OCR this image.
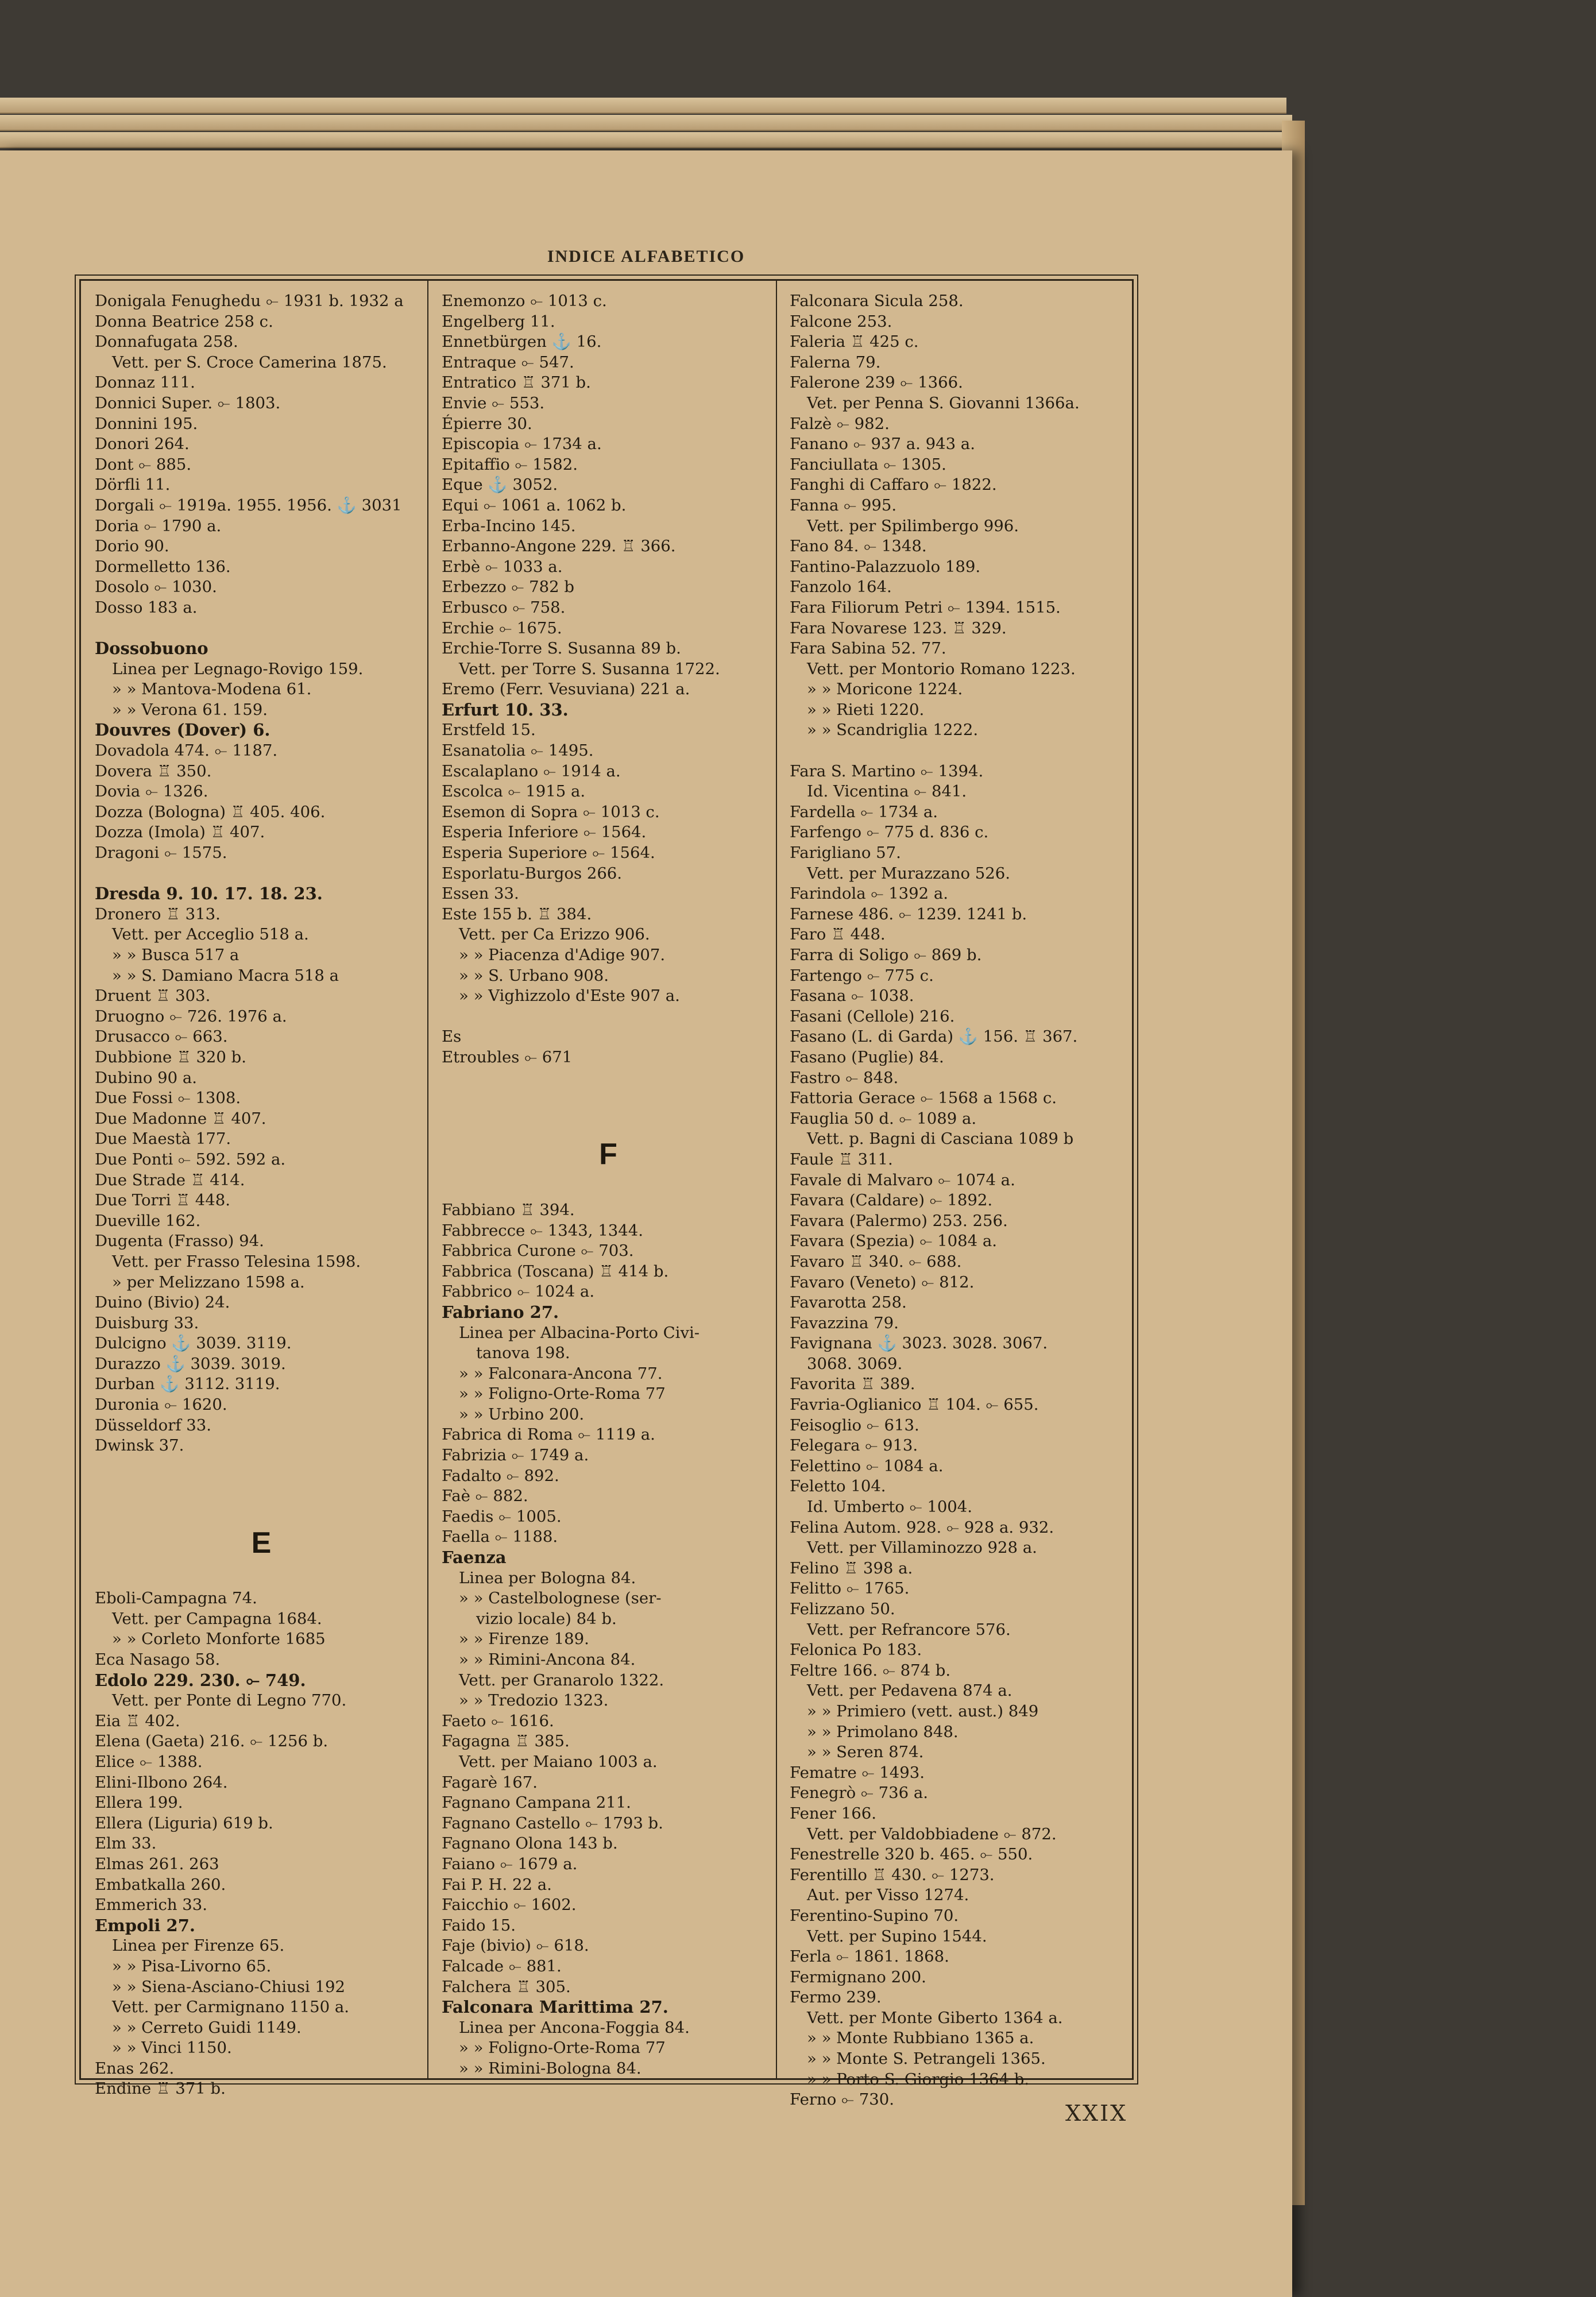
INDICE ALFABETICO
Donigala Fenughedu ⟜ 1931 b. 1932 a
Donna Beatrice 258 c.
Donnafugata 258.
Vett. per S. Croce Camerina 1875.
Donnaz 111.
Donnici Super. ⟜ 1803.
Donnini 195.
Donori 264.
Dont ⟜ 885.
Dörfli 11.
Dorgali ⟜ 1919a. 1955. 1956. ⚓ 3031
Doria ⟜ 1790 a.
Dorio 90.
Dormelletto 136.
Dosolo ⟜ 1030.
Dosso 183 a.
Dossobuono
Linea per Legnago-Rovigo 159.
» » Mantova-Modena 61.
» » Verona 61. 159.
Douvres (Dover) 6.
Dovadola 474. ⟜ 1187.
Dovera ♖ 350.
Dovia ⟜ 1326.
Dozza (Bologna) ♖ 405. 406.
Dozza (Imola) ♖ 407.
Dragoni ⟜ 1575.
Dresda 9. 10. 17. 18. 23.
Dronero ♖ 313.
Vett. per Acceglio 518 a.
» » Busca 517 a
» » S. Damiano Macra 518 a
Druent ♖ 303.
Druogno ⟜ 726. 1976 a.
Drusacco ⟜ 663.
Dubbione ♖ 320 b.
Dubino 90 a.
Due Fossi ⟜ 1308.
Due Madonne ♖ 407.
Due Maestà 177.
Due Ponti ⟜ 592. 592 a.
Due Strade ♖ 414.
Due Torri ♖ 448.
Dueville 162.
Dugenta (Frasso) 94.
Vett. per Frasso Telesina 1598.
» per Melizzano 1598 a.
Duino (Bivio) 24.
Duisburg 33.
Dulcigno ⚓ 3039. 3119.
Durazzo ⚓ 3039. 3019.
Durban ⚓ 3112. 3119.
Duronia ⟜ 1620.
Düsseldorf 33.
Dwinsk 37.
E
Eboli-Campagna 74.
Vett. per Campagna 1684.
» » Corleto Monforte 1685
Eca Nasago 58.
Edolo 229. 230. ⟜ 749.
Vett. per Ponte di Legno 770.
Eia ♖ 402.
Elena (Gaeta) 216. ⟜ 1256 b.
Elice ⟜ 1388.
Elini-Ilbono 264.
Ellera 199.
Ellera (Liguria) 619 b.
Elm 33.
Elmas 261. 263
Embatkalla 260.
Emmerich 33.
Empoli 27.
Linea per Firenze 65.
» » Pisa-Livorno 65.
» » Siena-Asciano-Chiusi 192
Vett. per Carmignano 1150 a.
» » Cerreto Guidi 1149.
» » Vinci 1150.
Enas 262.
Endine ♖ 371 b.
Enemonzo ⟜ 1013 c.
Engelberg 11.
Ennetbürgen ⚓ 16.
Entraque ⟜ 547.
Entratico ♖ 371 b.
Envie ⟜ 553.
Épierre 30.
Episcopia ⟜ 1734 a.
Epitaffio ⟜ 1582.
Eque ⚓ 3052.
Equi ⟜ 1061 a. 1062 b.
Erba-Incino 145.
Erbanno-Angone 229. ♖ 366.
Erbè ⟜ 1033 a.
Erbezzo ⟜ 782 b
Erbusco ⟜ 758.
Erchie ⟜ 1675.
Erchie-Torre S. Susanna 89 b.
Vett. per Torre S. Susanna 1722.
Eremo (Ferr. Vesuviana) 221 a.
Erfurt 10. 33.
Erstfeld 15.
Esanatolia ⟜ 1495.
Escalaplano ⟜ 1914 a.
Escolca ⟜ 1915 a.
Esemon di Sopra ⟜ 1013 c.
Esperia Inferiore ⟜ 1564.
Esperia Superiore ⟜ 1564.
Esporlatu-Burgos 266.
Essen 33.
Este 155 b. ♖ 384.
Vett. per Ca Erizzo 906.
» » Piacenza d'Adige 907.
» » S. Urbano 908.
» » Vighizzolo d'Este 907 a.
Es
Etroubles ⟜ 671
F
Fabbiano ♖ 394.
Fabbrecce ⟜ 1343, 1344.
Fabbrica Curone ⟜ 703.
Fabbrica (Toscana) ♖ 414 b.
Fabbrico ⟜ 1024 a.
Fabriano 27.
Linea per Albacina-Porto Civi-
tanova 198.
» » Falconara-Ancona 77.
» » Foligno-Orte-Roma 77
» » Urbino 200.
Fabrica di Roma ⟜ 1119 a.
Fabrizia ⟜ 1749 a.
Fadalto ⟜ 892.
Faè ⟜ 882.
Faedis ⟜ 1005.
Faella ⟜ 1188.
Faenza
Linea per Bologna 84.
» » Castelbolognese (ser-
vizio locale) 84 b.
» » Firenze 189.
» » Rimini-Ancona 84.
Vett. per Granarolo 1322.
» » Tredozio 1323.
Faeto ⟜ 1616.
Fagagna ♖ 385.
Vett. per Maiano 1003 a.
Fagarè 167.
Fagnano Campana 211.
Fagnano Castello ⟜ 1793 b.
Fagnano Olona 143 b.
Faiano ⟜ 1679 a.
Fai P. H. 22 a.
Faicchio ⟜ 1602.
Faido 15.
Faje (bivio) ⟜ 618.
Falcade ⟜ 881.
Falchera ♖ 305.
Falconara Marittima 27.
Linea per Ancona-Foggia 84.
» » Foligno-Orte-Roma 77
» » Rimini-Bologna 84.
Falconara Sicula 258.
Falcone 253.
Faleria ♖ 425 c.
Falerna 79.
Falerone 239 ⟜ 1366.
Vet. per Penna S. Giovanni 1366a.
Falzè ⟜ 982.
Fanano ⟜ 937 a. 943 a.
Fanciullata ⟜ 1305.
Fanghi di Caffaro ⟜ 1822.
Fanna ⟜ 995.
Vett. per Spilimbergo 996.
Fano 84. ⟜ 1348.
Fantino-Palazzuolo 189.
Fanzolo 164.
Fara Filiorum Petri ⟜ 1394. 1515.
Fara Novarese 123. ♖ 329.
Fara Sabina 52. 77.
Vett. per Montorio Romano 1223.
» » Moricone 1224.
» » Rieti 1220.
» » Scandriglia 1222.
Fara S. Martino ⟜ 1394.
Id. Vicentina ⟜ 841.
Fardella ⟜ 1734 a.
Farfengo ⟜ 775 d. 836 c.
Farigliano 57.
Vett. per Murazzano 526.
Farindola ⟜ 1392 a.
Farnese 486. ⟜ 1239. 1241 b.
Faro ♖ 448.
Farra di Soligo ⟜ 869 b.
Fartengo ⟜ 775 c.
Fasana ⟜ 1038.
Fasani (Cellole) 216.
Fasano (L. di Garda) ⚓ 156. ♖ 367.
Fasano (Puglie) 84.
Fastro ⟜ 848.
Fattoria Gerace ⟜ 1568 a 1568 c.
Fauglia 50 d. ⟜ 1089 a.
Vett. p. Bagni di Casciana 1089 b
Faule ♖ 311.
Favale di Malvaro ⟜ 1074 a.
Favara (Caldare) ⟜ 1892.
Favara (Palermo) 253. 256.
Favara (Spezia) ⟜ 1084 a.
Favaro ♖ 340. ⟜ 688.
Favaro (Veneto) ⟜ 812.
Favarotta 258.
Favazzina 79.
Favignana ⚓ 3023. 3028. 3067.
3068. 3069.
Favorita ♖ 389.
Favria-Oglianico ♖ 104. ⟜ 655.
Feisoglio ⟜ 613.
Felegara ⟜ 913.
Felettino ⟜ 1084 a.
Feletto 104.
Id. Umberto ⟜ 1004.
Felina Autom. 928. ⟜ 928 a. 932.
Vett. per Villaminozzo 928 a.
Felino ♖ 398 a.
Felitto ⟜ 1765.
Felizzano 50.
Vett. per Refrancore 576.
Felonica Po 183.
Feltre 166. ⟜ 874 b.
Vett. per Pedavena 874 a.
» » Primiero (vett. aust.) 849
» » Primolano 848.
» » Seren 874.
Fematre ⟜ 1493.
Fenegrò ⟜ 736 a.
Fener 166.
Vett. per Valdobbiadene ⟜ 872.
Fenestrelle 320 b. 465. ⟜ 550.
Ferentillo ♖ 430. ⟜ 1273.
Aut. per Visso 1274.
Ferentino-Supino 70.
Vett. per Supino 1544.
Ferla ⟜ 1861. 1868.
Fermignano 200.
Fermo 239.
Vett. per Monte Giberto 1364 a.
» » Monte Rubbiano 1365 a.
» » Monte S. Petrangeli 1365.
» » Porto S. Giorgio 1364 b.
Ferno ⟜ 730.
XXIX
